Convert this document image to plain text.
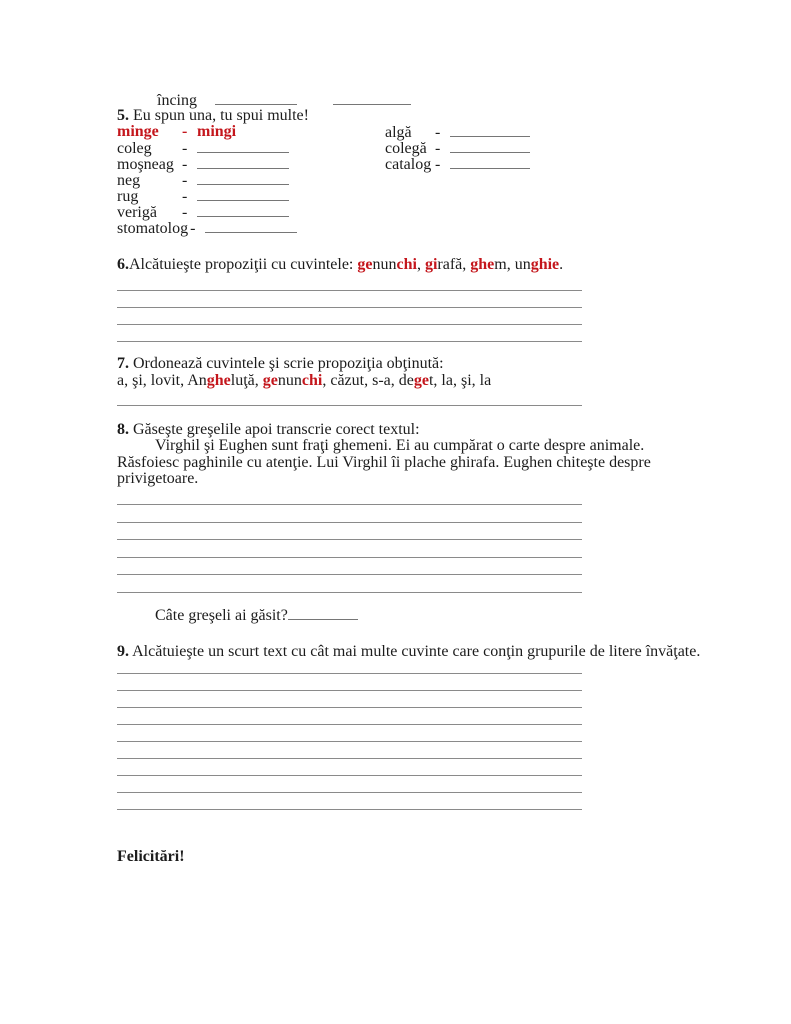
încing
5. Eu spun una, tu spui multe!
minge	- mingi
coleg	-
moşneag -
neg	-
rug	-
verigă	-
stomatolog -
algă	-
colegă -
catalog -
6.Alcătuieşte propoziţii cu cuvintele: genunchi, girafă, ghem, unghie.
7. Ordonează cuvintele şi scrie propoziţia obţinută:
a, şi, lovit, Angheluţă, genunchi, căzut, s-a, deget, la, şi, la
8. Găseşte greşelile apoi transcrie corect textul:
Virghil şi Eughen sunt fraţi ghemeni. Ei au cumpărat o carte despre animale.
Răsfoiesc paghinile cu atenţie. Lui Virghil îi plache ghirafa. Eughen chiteşte despre
privigetoare.
Câte greşeli ai găsit?
9. Alcătuieşte un scurt text cu cât mai multe cuvinte care conţin grupurile de litere învăţate.
Felicitări!
